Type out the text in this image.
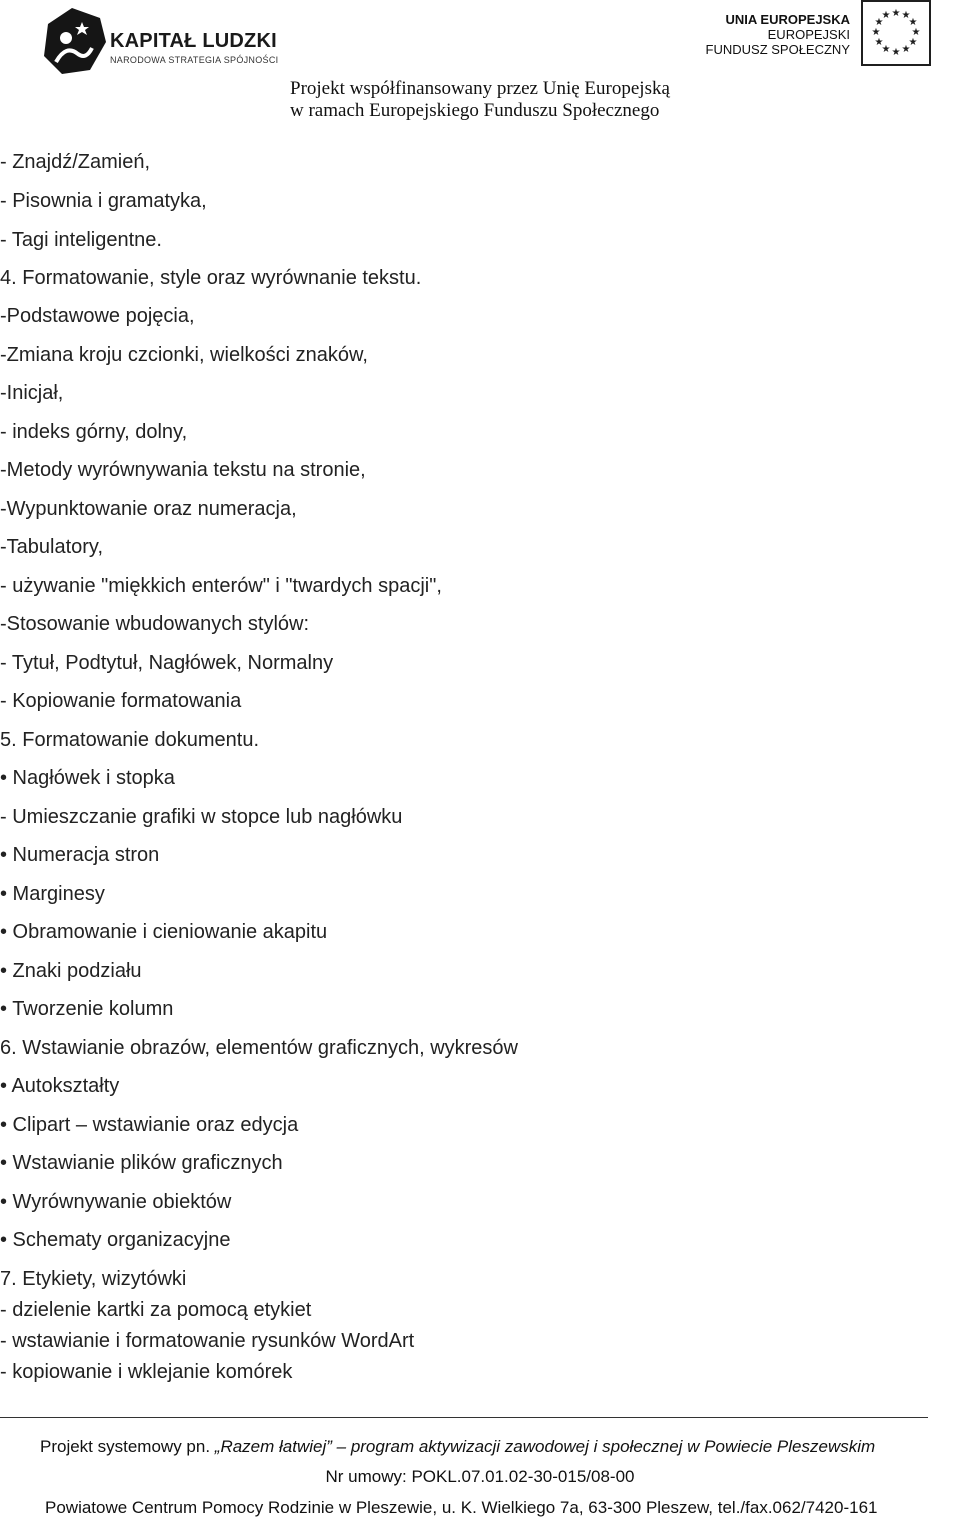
KAPITAŁ LUDZKI
NARODOWA STRATEGIA SPÓJNOŚCI
UNIA EUROPEJSKA
EUROPEJSKI
FUNDUSZ SPOŁECZNY
★ ★
★
★
★
★
★
★
★
★
★
★
Projekt współfinansowany przez Unię Europejską
w ramach Europejskiego Funduszu Społecznego
- Znajdź/Zamień,
- Pisownia i gramatyka,
- Tagi inteligentne.
4. Formatowanie, style oraz wyrównanie tekstu.
-Podstawowe pojęcia,
-Zmiana kroju czcionki, wielkości znaków,
-Inicjał,
- indeks górny, dolny,
-Metody wyrównywania tekstu na stronie,
-Wypunktowanie oraz numeracja,
-Tabulatory,
- używanie "miękkich enterów" i "twardych spacji",
-Stosowanie wbudowanych stylów:
- Tytuł, Podtytuł, Nagłówek, Normalny
- Kopiowanie formatowania
5. Formatowanie dokumentu.
• Nagłówek i stopka
- Umieszczanie grafiki w stopce lub nagłówku
• Numeracja stron
• Marginesy
• Obramowanie i cieniowanie akapitu
• Znaki podziału
• Tworzenie kolumn
6. Wstawianie obrazów, elementów graficznych, wykresów
• Autokształty
• Clipart – wstawianie oraz edycja
• Wstawianie plików graficznych
• Wyrównywanie obiektów
• Schematy organizacyjne
7. Etykiety, wizytówki
- dzielenie kartki za pomocą etykiet
- wstawianie i formatowanie rysunków WordArt
- kopiowanie i wklejanie komórek
Projekt systemowy pn. „Razem łatwiej” – program aktywizacji zawodowej i społecznej w Powiecie Pleszewskim
Nr umowy: POKL.07.01.02-30-015/08-00
Powiatowe Centrum Pomocy Rodzinie w Pleszewie, u. K. Wielkiego 7a, 63-300 Pleszew, tel./fax.062/7420-161
